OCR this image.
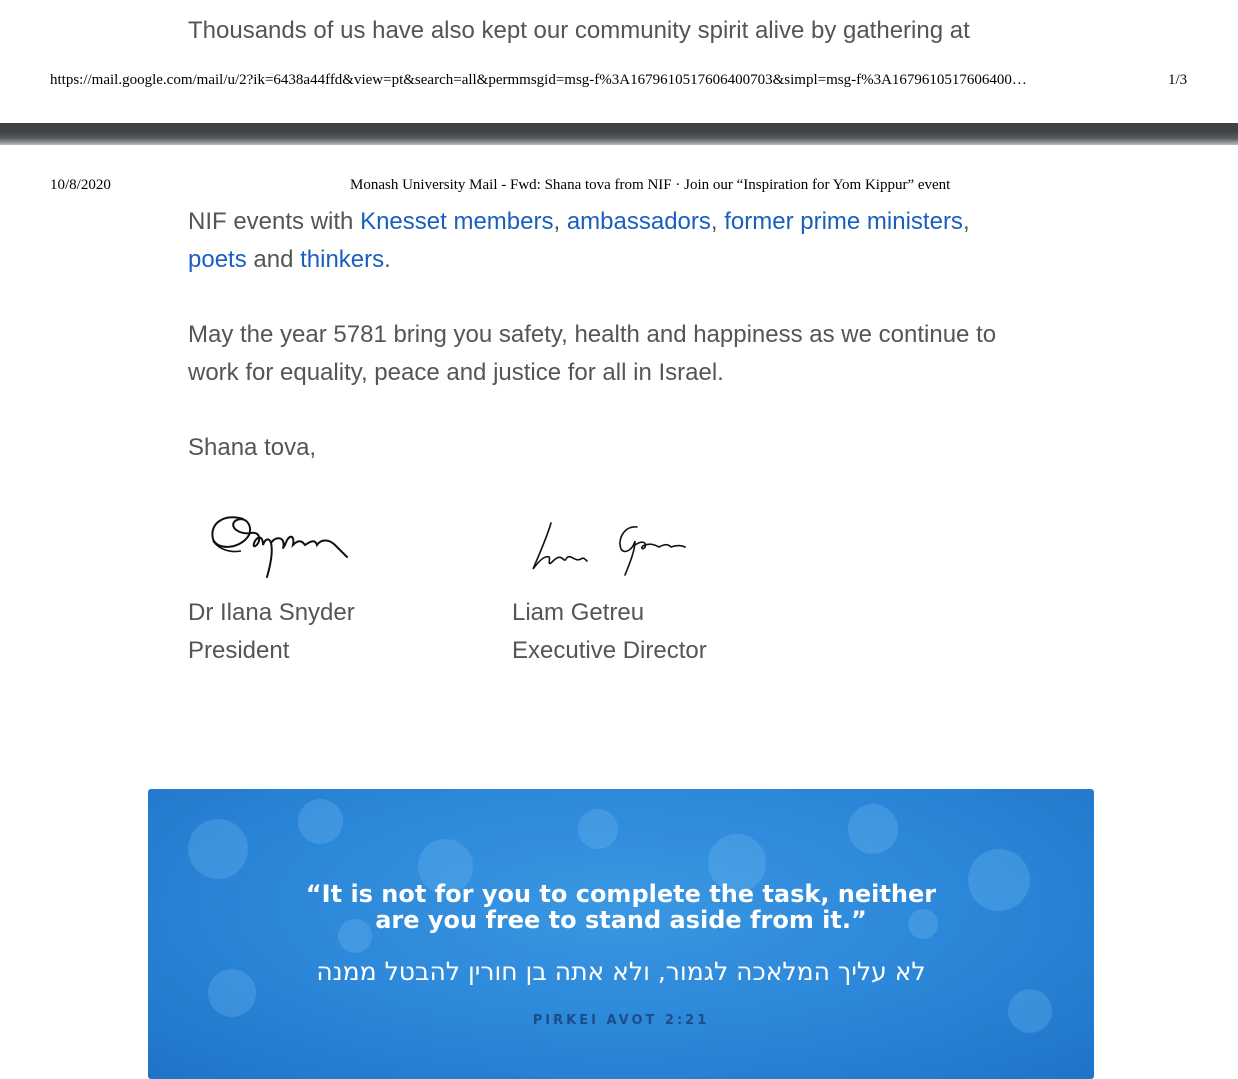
Thousands of us have also kept our community spirit alive by gathering at
https://mail.google.com/mail/u/2?ik=6438a44ffd&view=pt&search=all&permmsgid=msg-f%3A1679610517606400703&simpl=msg-f%3A1679610517606400…	1/3
10/8/2020	Monash University Mail - Fwd: Shana tova from NIF · Join our “Inspiration for Yom Kippur” event
NIF events with Knesset members, ambassadors, former prime ministers,
poets and thinkers.
May the year 5781 bring you safety, health and happiness as we continue to
work for equality, peace and justice for all in Israel.
Shana tova,
Dr Ilana Snyder
President
Liam Getreu
Executive Director
“It is not for you to complete the task, neither
are you free to stand aside from it.”
לא עליך המלאכה לגמור, ולא אתה בן חורין להבטל ממנה
PIRKEI AVOT 2:21
